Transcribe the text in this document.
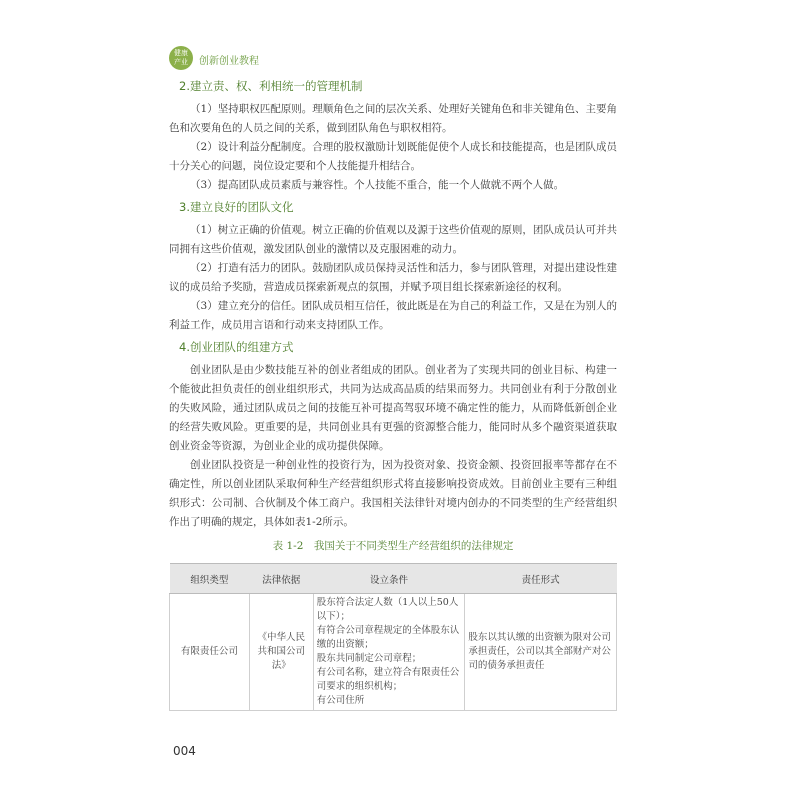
健康产业 创新创业教程
2.建立责、权、利相统一的管理机制

（1）坚持职权匹配原则。理顺角色之间的层次关系、处理好关键角色和非关键角色、主要角色和次要角色的人员之间的关系，做到团队角色与职权相符。

（2）设计利益分配制度。合理的股权激励计划既能促使个人成长和技能提高，也是团队成员十分关心的问题，岗位设定要和个人技能提升相结合。

（3）提高团队成员素质与兼容性。个人技能不重合，能一个人做就不两个人做。

3.建立良好的团队文化

（1）树立正确的价值观。树立正确的价值观以及源于这些价值观的原则，团队成员认可并共同拥有这些价值观，激发团队创业的激情以及克服困难的动力。

（2）打造有活力的团队。鼓励团队成员保持灵活性和活力，参与团队管理，对提出建设性建议的成员给予奖励，营造成员探索新观点的氛围，并赋予项目组长探索新途径的权利。

（3）建立充分的信任。团队成员相互信任，彼此既是在为自己的利益工作，又是在为别人的利益工作，成员用言语和行动来支持团队工作。

4.创业团队的组建方式

创业团队是由少数技能互补的创业者组成的团队。创业者为了实现共同的创业目标、构建一个能彼此担负责任的创业组织形式，共同为达成高品质的结果而努力。共同创业有利于分散创业的失败风险，通过团队成员之间的技能互补可提高驾驭环境不确定性的能力，从而降低新创企业的经营失败风险。更重要的是，共同创业具有更强的资源整合能力，能同时从多个融资渠道获取创业资金等资源，为创业企业的成功提供保障。

创业团队投资是一种创业性的投资行为，因为投资对象、投资金额、投资回报率等都存在不确定性，所以创业团队采取何种生产经营组织形式将直接影响投资成效。目前创业主要有三种组织形式：公司制、合伙制及个体工商户。我国相关法律针对境内创办的不同类型的生产经营组织作出了明确的规定，具体如表1-2所示。

表 1-2　我国关于不同类型生产经营组织的法律规定
组织类型	法律依据	设立条件	责任形式
有限责任公司	《中华人民共和国公司法》	股东符合法定人数（1人以上50人以下）；
有符合公司章程规定的全体股东认缴的出资额；
股东共同制定公司章程；
有公司名称，建立符合有限责任公司要求的组织机构；
有公司住所	股东以其认缴的出资额为限对公司承担责任，公司以其全部财产对公司的债务承担责任
004
